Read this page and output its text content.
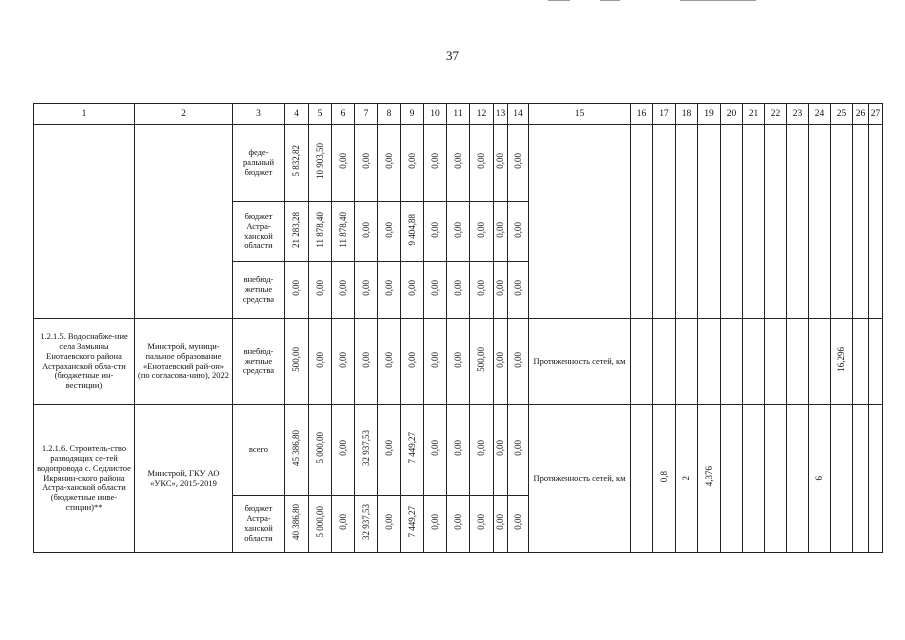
37
1	2	3	4	5	6	7	8	9	10	11	12	13	14	15	16	17	18	19	20	21	22	23	24	25	26	27
		феде-ральный бюджет	5 832,82	10 903,50	0,00	0,00	0,00	0,00	0,00	0,00	0,00	0,00	0,00													
		бюджет Астра-ханской области	21 283,28	11 878,40	11 878,40	0,00	0,00	9 404,88	0,00	0,00	0,00	0,00	0,00													
		внебюд-жетные средства	0,00	0,00	0,00	0,00	0,00	0,00	0,00	0,00	0,00	0,00	0,00													
1.2.1.5. Водоснабже-ние села Замьяны Енотаевского района Астраханской обла-сти (бюджетные ин-вестиции)	Минстрой, муници-пальное образование «Енотаевский рай-он» (по согласова-нию), 2022	внебюд-жетные средства	500,00	0,00	0,00	0,00	0,00	0,00	0,00	0,00	500,00	0,00	0,00	Протяженность сетей, км										16,296		
1.2.1.6. Строитель-ство разводящих се-тей водопровода с. Седлистое Икрянин-ского района Астра-ханской области (бюджетные инве-стиции)**	Минстрой, ГКУ АО «УКС», 2015-2019	всего	45 386,80	5 000,00	0,00	32 937,53	0,00	7 449,27	0,00	0,00	0,00	0,00	0,00	Протяженность сетей, км		0,8	2	4,376					6			
		бюджет Астра-ханской области	40 386,80	5 000,00	0,00	32 937,53	0,00	7 449,27	0,00	0,00	0,00	0,00	0,00													
